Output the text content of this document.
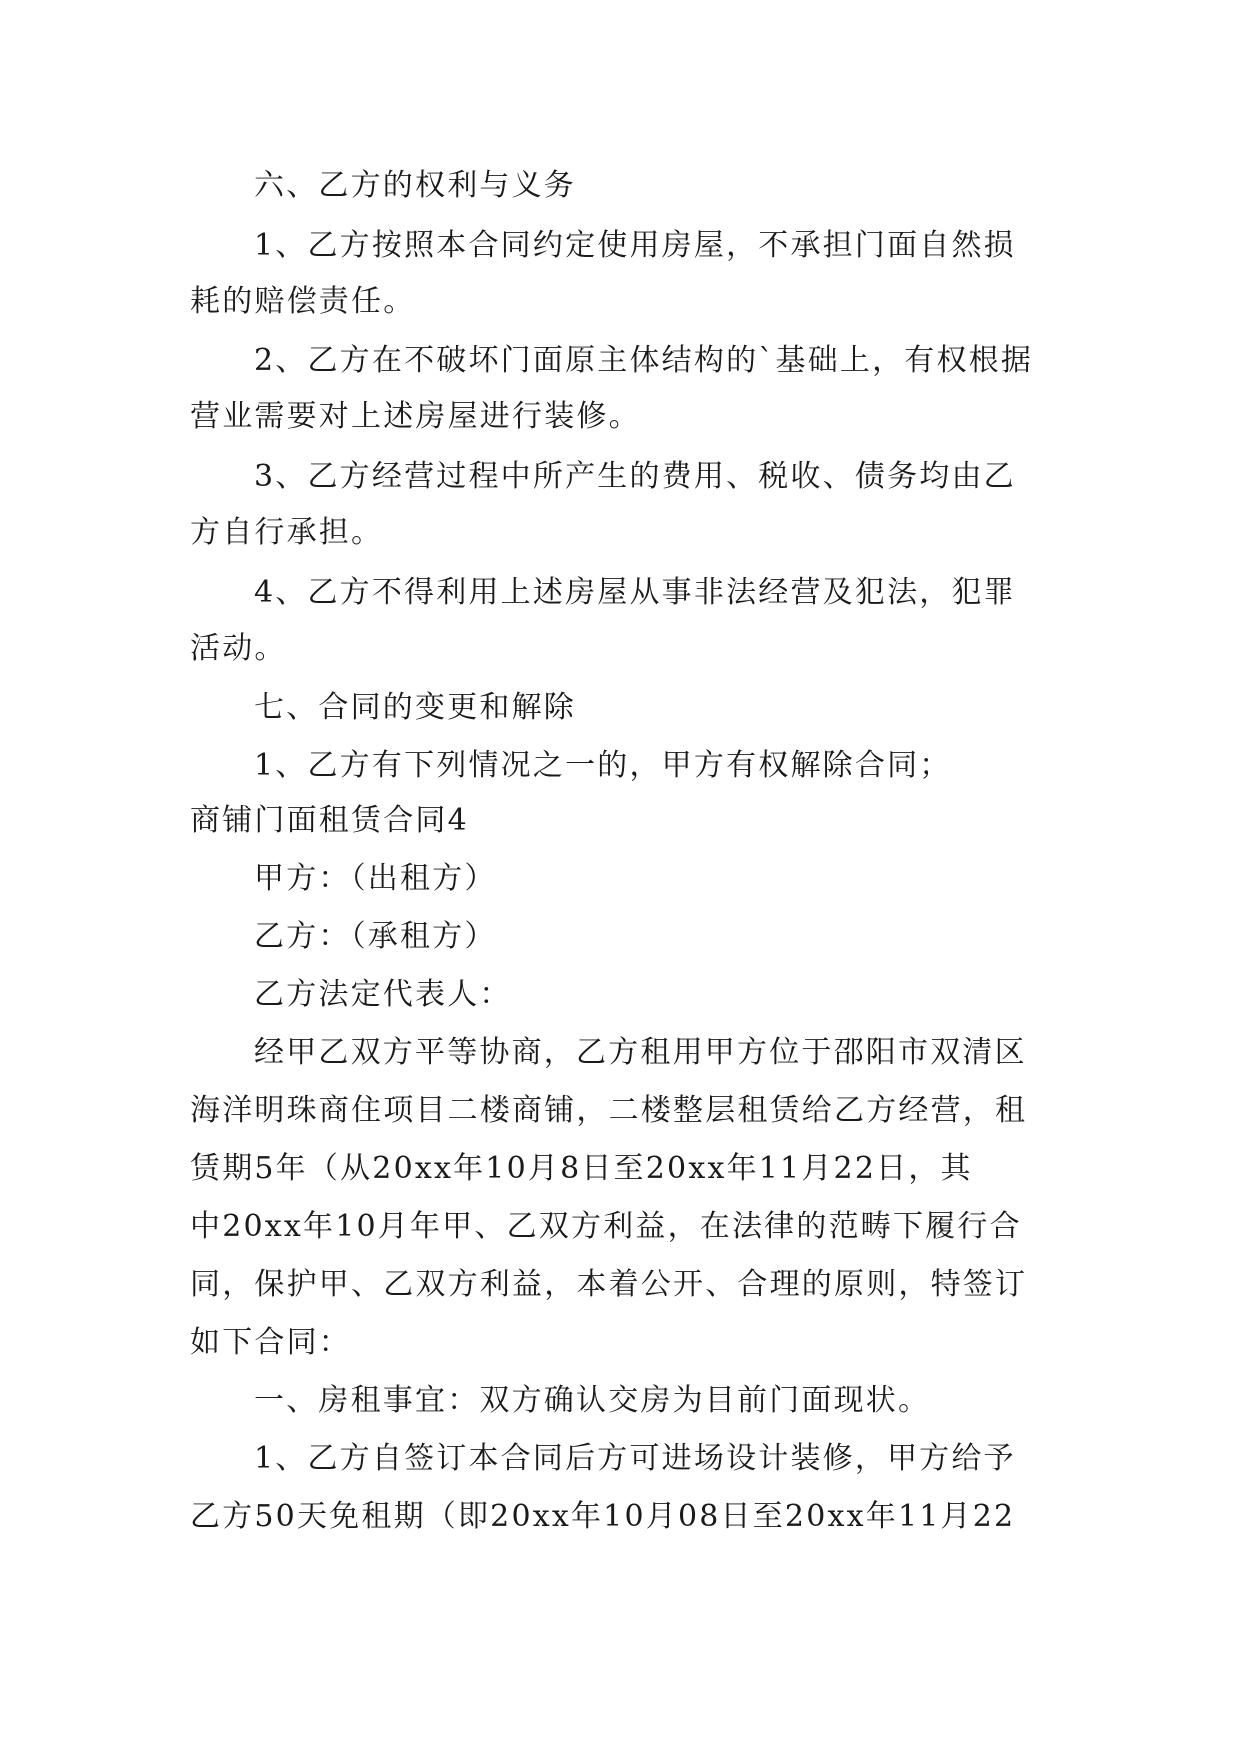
六、乙方的权利与义务
1、乙方按照本合同约定使用房屋，不承担门面自然损
耗的赔偿责任。
2、乙方在不破坏门面原主体结构的`基础上，有权根据
营业需要对上述房屋进行装修。
3、乙方经营过程中所产生的费用、税收、债务均由乙
方自行承担。
4、乙方不得利用上述房屋从事非法经营及犯法，犯罪
活动。
七、合同的变更和解除
1、乙方有下列情况之一的，甲方有权解除合同；
商铺门面租赁合同4
甲方：（出租方）
乙方：（承租方）
乙方法定代表人：
经甲乙双方平等协商，乙方租用甲方位于邵阳市双清区
海洋明珠商住项目二楼商铺，二楼整层租赁给乙方经营，租
赁期5年（从20xx年10月8日至20xx年11月22日，其
中20xx年10月年甲、乙双方利益，在法律的范畴下履行合
同，保护甲、乙双方利益，本着公开、合理的原则，特签订
如下合同：
一、房租事宜：双方确认交房为目前门面现状。
1、乙方自签订本合同后方可进场设计装修，甲方给予
乙方50天免租期（即20xx年10月08日至20xx年11月22
